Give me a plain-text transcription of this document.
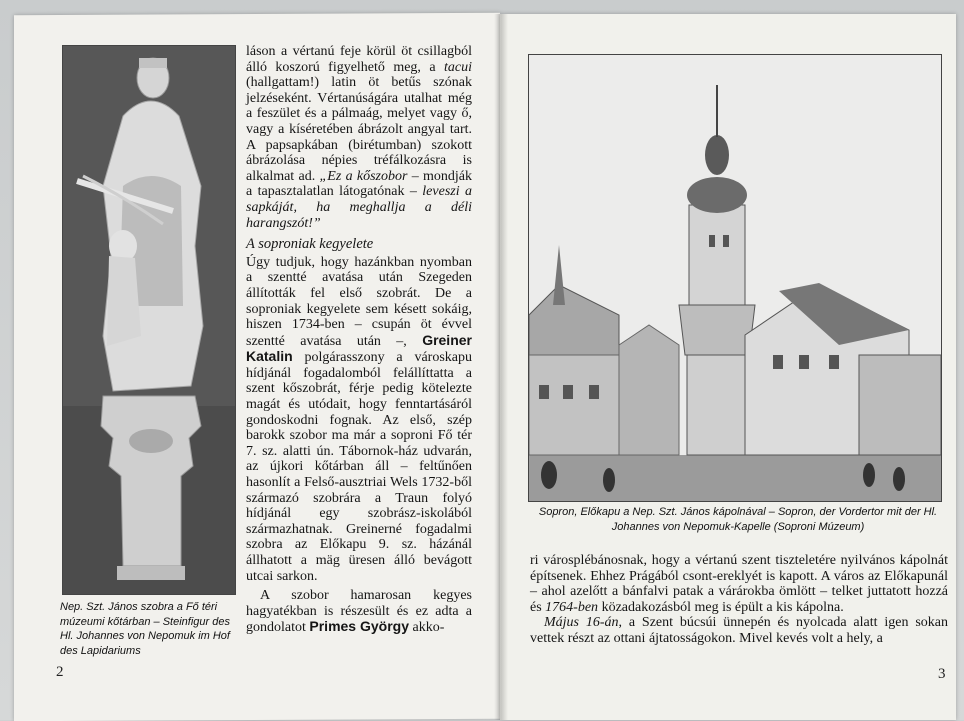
Nep. Szt. János szobra a Fő téri múzeumi kőtárban – Steinfigur des Hl. Johannes von Nepomuk im Hof des Lapidariums

láson a vértanú feje körül öt csillagból álló koszorú figyelhető meg, a tacui (hallgattam!) latin öt betűs szónak jelzéseként. Vértanúságára utalhat még a feszület és a pálmaág, melyet vagy ő, vagy a kíséretében ábrázolt angyal tart. A papsapkában (birétumban) szokott ábrázolása népies tréfálkozásra is alkalmat ad. „Ez a kőszobor – mondják a tapasztalatlan látogatónak – leveszi a sapkáját, ha meghallja a déli harangszót!”

A soproniak kegyelete

Úgy tudjuk, hogy hazánkban nyomban a szentté avatása után Szegeden állították fel első szobrát. De a soproniak kegyelete sem késett sokáig, hiszen 1734-ben – csupán öt évvel szentté avatása után –, Greiner Katalin polgárasszony a városkapu hídjánál fogadalomból felállíttatta a szent kőszobrát, férje pedig kötelezte magát és utódait, hogy fenntartásáról gondoskodni fognak. Az első, szép barokk szobor ma már a soproni Fő tér 7. sz. alatti ún. Tábornok-ház udvarán, az újkori kőtárban áll – feltűnően hasonlít a Felső-ausztriai Wels 1732-ből származó szobrára a Traun folyó hídjánál egy szobrász-iskolából származhatnak. Greinerné fogadalmi szobra az Előkapu 9. sz. házánál állhatott a mäg üresen álló bevágott utcai sarkon.

A szobor hamarosan kegyes hagyatékban is részesült és ez adta a gondolatot Primes György akko-

2
Sopron, Előkapu a Nep. Szt. János kápolnával – Sopron, der Vordertor mit der Hl. Johannes von Nepomuk-Kapelle (Soproni Múzeum)

ri városplébánosnak, hogy a vértanú szent tiszteletére nyilvános kápolnát építsenek. Ehhez Prágából csont-ereklyét is kapott. A város az Előkapunál – ahol azelőtt a bánfalvi patak a várárokba ömlött – telket juttatott hozzá és 1764-ben közadakozásból meg is épült a kis kápolna.

Május 16-án, a Szent búcsúi ünnepén és nyolcada alatt igen sokan vettek részt az ottani ájtatosságokon. Mivel kevés volt a hely, a

3
